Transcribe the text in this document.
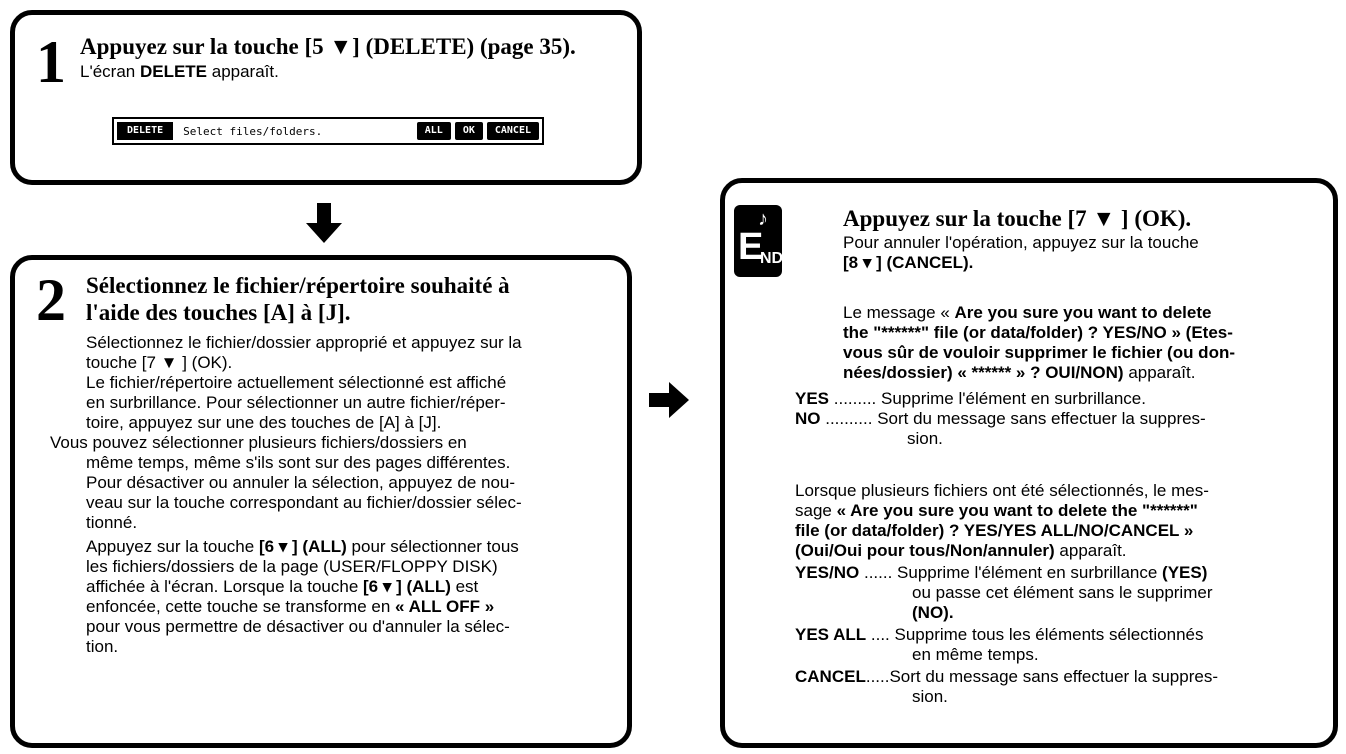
1 Appuyez sur la touche [5 ▼] (DELETE) (page 35).
L'écran DELETE apparaît.
DELETE	Select files/folders.	ALL	OK	CANCEL
2 Sélectionnez le fichier/répertoire souhaité à
l'aide des touches [A] à [J].
Sélectionnez le fichier/dossier approprié et appuyez sur la
touche [7 ▼ ] (OK).
Le fichier/répertoire actuellement sélectionné est affiché
en surbrillance. Pour sélectionner un autre fichier/réper-
toire, appuyez sur une des touches de [A] à [J].
Vous pouvez sélectionner plusieurs fichiers/dossiers en
même temps, même s'ils sont sur des pages différentes.
Pour désactiver ou annuler la sélection, appuyez de nou-
veau sur la touche correspondant au fichier/dossier sélec-
tionné.
Appuyez sur la touche [6 ▾ ] (ALL) pour sélectionner tous
les fichiers/dossiers de la page (USER/FLOPPY DISK)
affichée à l'écran. Lorsque la touche [6 ▾ ] (ALL) est
enfoncée, cette touche se transforme en « ALL OFF »
pour vous permettre de désactiver ou d'annuler la sélec-
tion.
♪
E
ND
Appuyez sur la touche [7 ▼ ] (OK).
Pour annuler l'opération, appuyez sur la touche
[8 ▾ ] (CANCEL).
Le message « Are you sure you want to delete
the "******" file (or data/folder) ? YES/NO » (Etes-
vous sûr de vouloir supprimer le fichier (ou don-
nées/dossier) « ****** » ? OUI/NON) apparaît.
YES ......... Supprime l'élément en surbrillance.
NO .......... Sort du message sans effectuer la suppres-
sion.
Lorsque plusieurs fichiers ont été sélectionnés, le mes-
sage « Are you sure you want to delete the "******"
file (or data/folder) ? YES/YES ALL/NO/CANCEL »
(Oui/Oui pour tous/Non/annuler) apparaît.
YES/NO ...... Supprime l'élément en surbrillance (YES)
ou passe cet élément sans le supprimer
(NO).
YES ALL .... Supprime tous les éléments sélectionnés
en même temps.
CANCEL.....Sort du message sans effectuer la suppres-
sion.
